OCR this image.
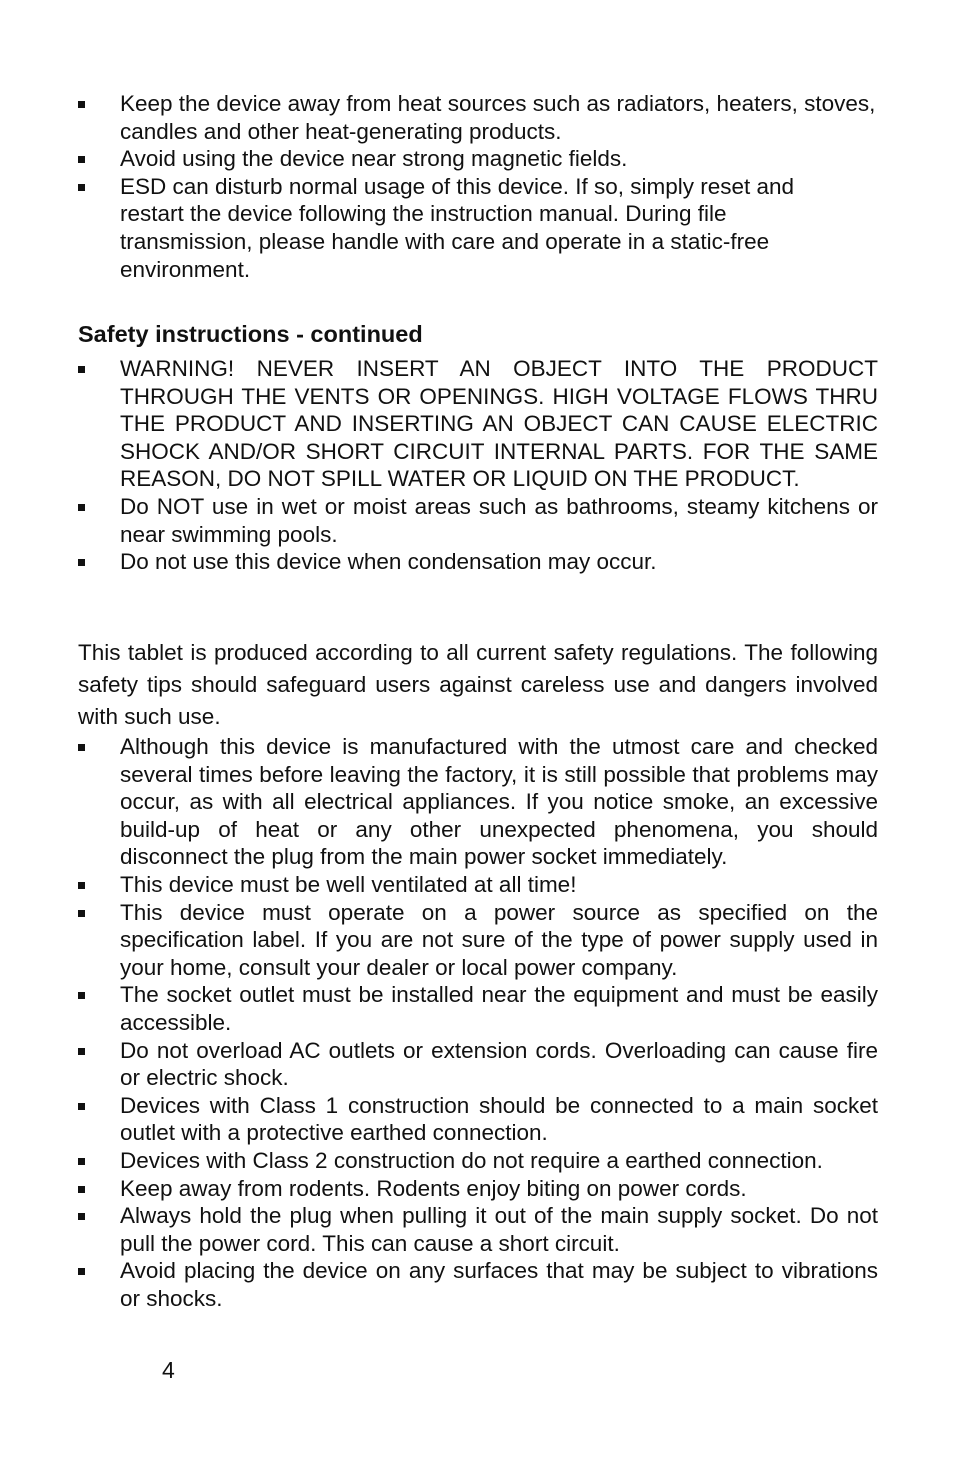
Keep the device away from heat sources such as radiators, heaters, stoves, candles and other heat-generating products.
Avoid using the device near strong magnetic fields.
ESD can disturb normal usage of this device. If so, simply reset and restart the device following the instruction manual. During file transmission, please handle with care and operate in a static-free environment.
Safety instructions - continued
WARNING! NEVER INSERT AN OBJECT INTO THE PRODUCT THROUGH THE VENTS OR OPENINGS. HIGH VOLTAGE FLOWS THRU THE PRODUCT AND INSERTING AN OBJECT CAN CAUSE ELECTRIC SHOCK AND/OR SHORT CIRCUIT INTERNAL PARTS. FOR THE SAME REASON, DO NOT SPILL WATER OR LIQUID ON THE PRODUCT.
Do NOT use in wet or moist areas such as bathrooms, steamy kitchens or near swimming pools.
Do not use this device when condensation may occur.

This tablet is produced according to all current safety regulations. The following safety tips should safeguard users against careless use and dangers involved with such use.

Although this device is manufactured with the utmost care and checked several times before leaving the factory, it is still possible that problems may occur, as with all electrical appliances. If you notice smoke, an excessive build-up of heat or any other unexpected phenomena, you should disconnect the plug from the main power socket immediately.
This device must be well ventilated at all time!
This device must operate on a power source as specified on the specification label. If you are not sure of the type of power supply used in your home, consult your dealer or local power company.
The socket outlet must be installed near the equipment and must be easily accessible.
Do not overload AC outlets or extension cords. Overloading can cause fire or electric shock.
Devices with Class 1 construction should be connected to a main socket outlet with a protective earthed connection.
Devices with Class 2 construction do not require a earthed connection.
Keep away from rodents. Rodents enjoy biting on power cords.
Always hold the plug when pulling it out of the main supply socket. Do not pull the power cord. This can cause a short circuit.
Avoid placing the device on any surfaces that may be subject to vibrations or shocks.
4
